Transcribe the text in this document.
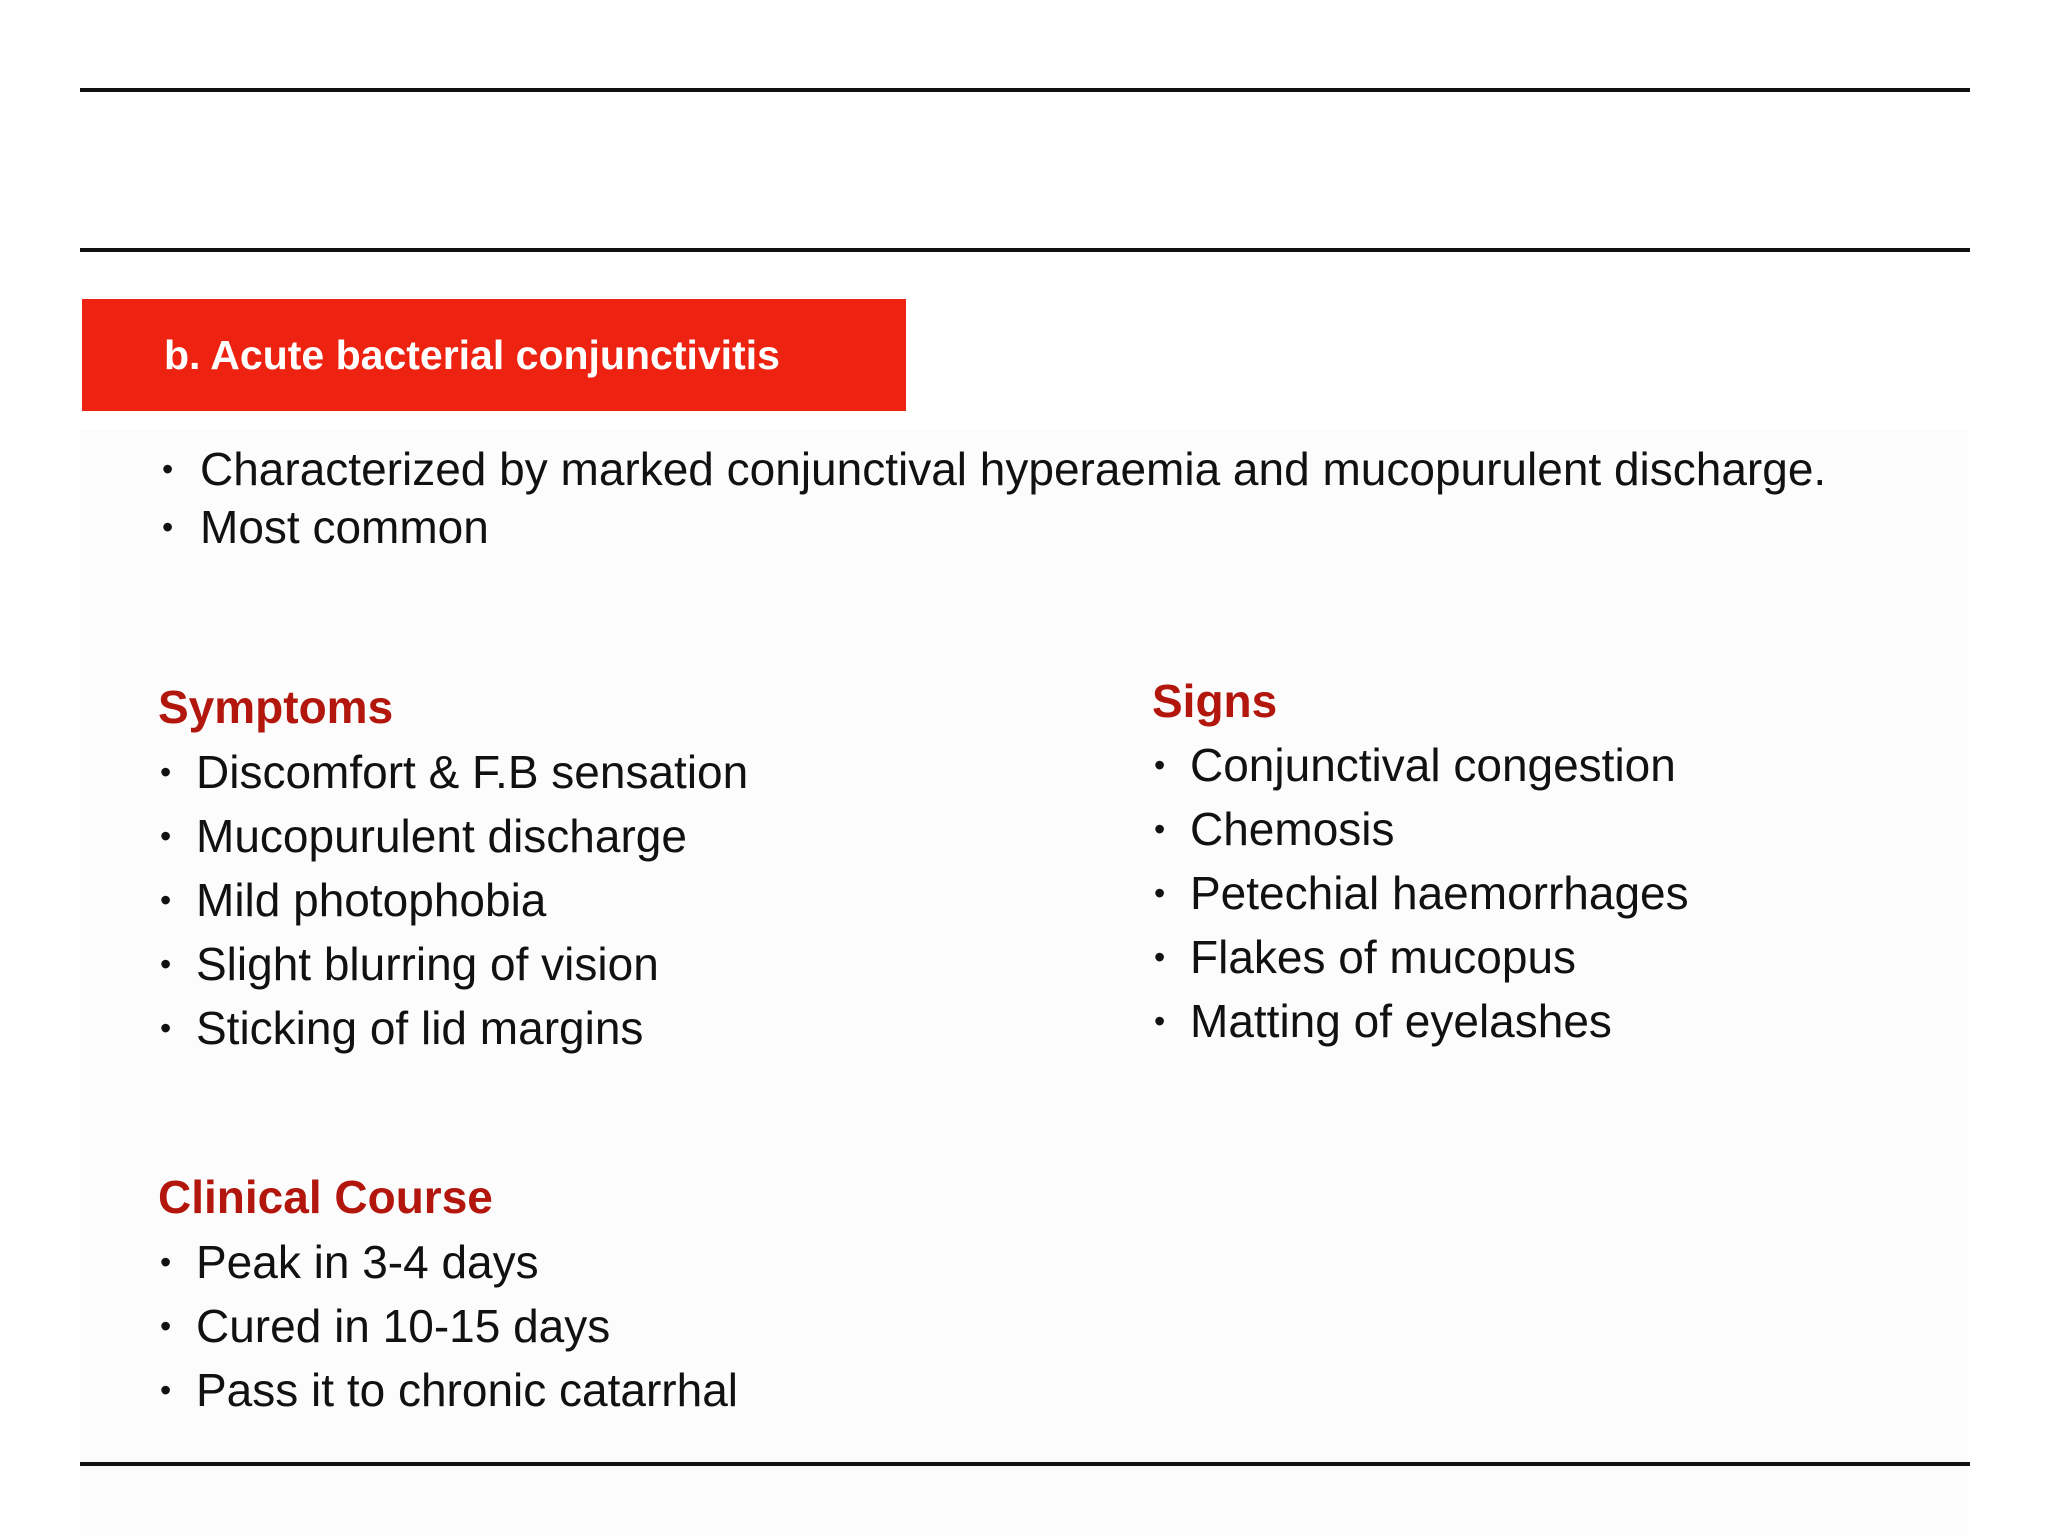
b. Acute bacterial conjunctivitis
• Characterized by marked conjunctival hyperaemia and mucopurulent discharge.
• Most common
Symptoms
• Discomfort & F.B sensation
• Mucopurulent discharge
• Mild photophobia
• Slight blurring of vision
• Sticking of lid margins
Signs
• Conjunctival congestion
• Chemosis
• Petechial haemorrhages
• Flakes of mucopus
• Matting of eyelashes
Clinical Course
• Peak in 3-4 days
• Cured in 10-15 days
• Pass it to chronic catarrhal
